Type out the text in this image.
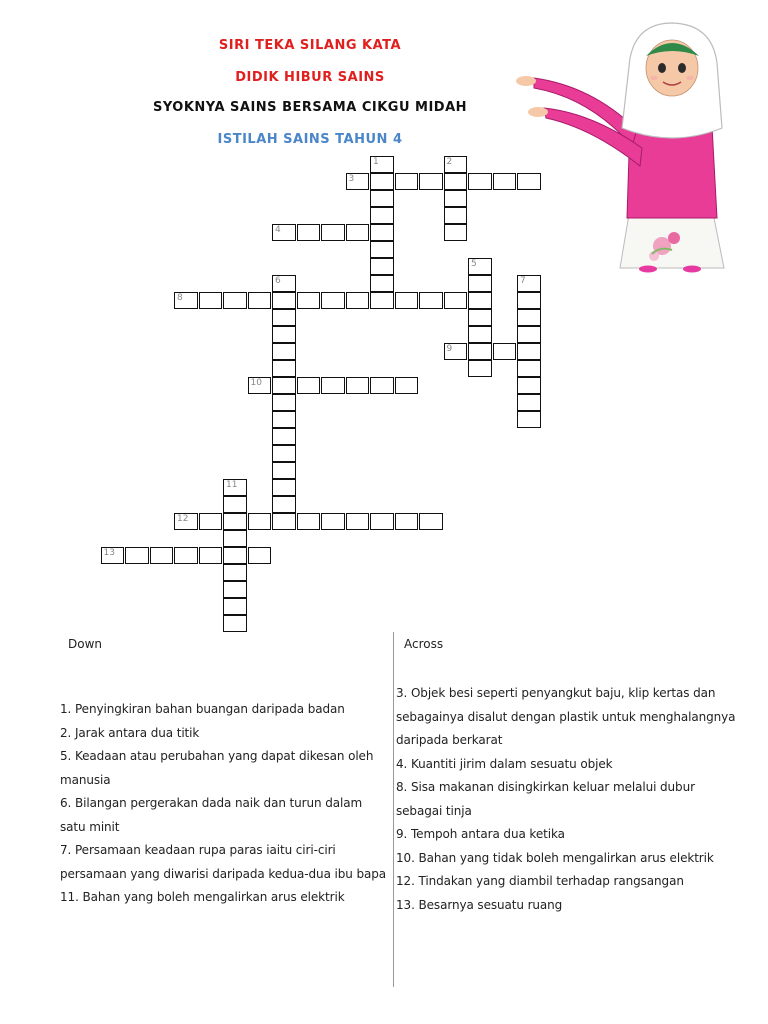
SIRI TEKA SILANG KATA
DIDIK HIBUR SAINS
SYOKNYA SAINS BERSAMA CIKGU MIDAH
ISTILAH SAINS TAHUN 4
1	2
3
4
5
6	7
8
9
10
11
12
13
Down	Across
1. Penyingkiran bahan buangan daripada badan
2. Jarak antara dua titik
5. Keadaan atau perubahan yang dapat dikesan oleh manusia
6. Bilangan pergerakan dada naik dan turun dalam satu minit
7. Persamaan keadaan rupa paras iaitu ciri-ciri persamaan yang diwarisi daripada kedua-dua ibu bapa
11. Bahan yang boleh mengalirkan arus elektrik
3. Objek besi seperti penyangkut baju, klip kertas dan sebagainya disalut dengan plastik untuk menghalangnya daripada berkarat
4. Kuantiti jirim dalam sesuatu objek
8. Sisa makanan disingkirkan keluar melalui dubur sebagai tinja
9. Tempoh antara dua ketika
10. Bahan yang tidak boleh mengalirkan arus elektrik
12. Tindakan yang diambil terhadap rangsangan
13. Besarnya sesuatu ruang
